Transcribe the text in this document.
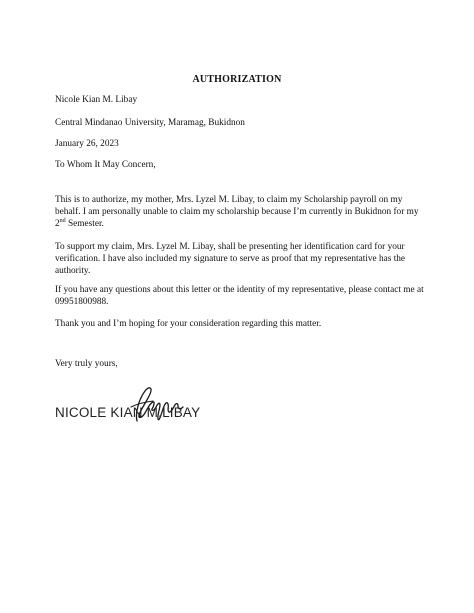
AUTHORIZATION
Nicole Kian M. Libay
Central Mindanao University, Maramag, Bukidnon
January 26, 2023
To Whom It May Concern,
This is to authorize, my mother, Mrs. Lyzel M. Libay, to claim my Scholarship payroll on my behalf. I am personally unable to claim my scholarship because I’m currently in Bukidnon for my 2nd Semester.
To support my claim, Mrs. Lyzel M. Libay, shall be presenting her identification card for your verification. I have also included my signature to serve as proof that my representative has the authority.
If you have any questions about this letter or the identity of my representative, please contact me at 09951800988.
Thank you and I’m hoping for your consideration regarding this matter.
Very truly yours,
NICOLE KIAN M.LIBAY
